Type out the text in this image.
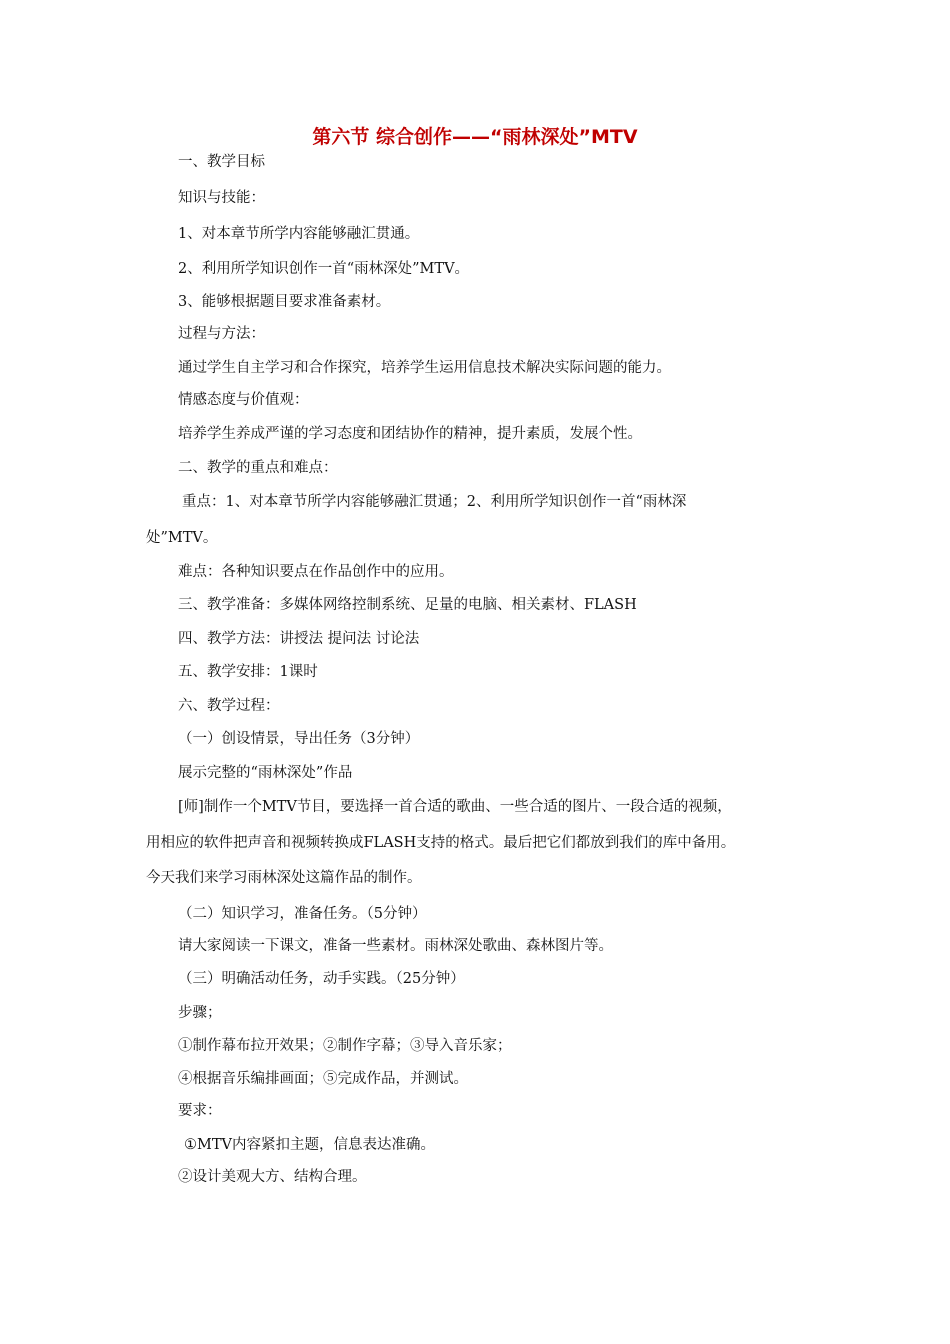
第六节 综合创作——“雨林深处”MTV
一、教学目标
知识与技能：
1、对本章节所学内容能够融汇贯通。
2、利用所学知识创作一首“雨林深处”MTV。
3、能够根据题目要求准备素材。
过程与方法：
通过学生自主学习和合作探究，培养学生运用信息技术解决实际问题的能力。
情感态度与价值观：
培养学生养成严谨的学习态度和团结协作的精神，提升素质，发展个性。
二、教学的重点和难点：
重点：1、对本章节所学内容能够融汇贯通；2、利用所学知识创作一首“雨林深
处”MTV。
难点：各种知识要点在作品创作中的应用。
三、教学准备：多媒体网络控制系统、足量的电脑、相关素材、FLASH
四、教学方法：讲授法 提问法 讨论法
五、教学安排：1课时
六、教学过程：
（一）创设情景，导出任务（3分钟）
展示完整的“雨林深处”作品
[师]制作一个MTV节目，要选择一首合适的歌曲、一些合适的图片、一段合适的视频，
用相应的软件把声音和视频转换成FLASH支持的格式。最后把它们都放到我们的库中备用。
今天我们来学习雨林深处这篇作品的制作。
（二）知识学习，准备任务。（5分钟）
请大家阅读一下课文，准备一些素材。雨林深处歌曲、森林图片等。
（三）明确活动任务，动手实践。（25分钟）
步骤；
①制作幕布拉开效果；②制作字幕；③导入音乐家；
④根据音乐编排画面；⑤完成作品，并测试。
要求：
①MTV内容紧扣主题，信息表达准确。
②设计美观大方、结构合理。
